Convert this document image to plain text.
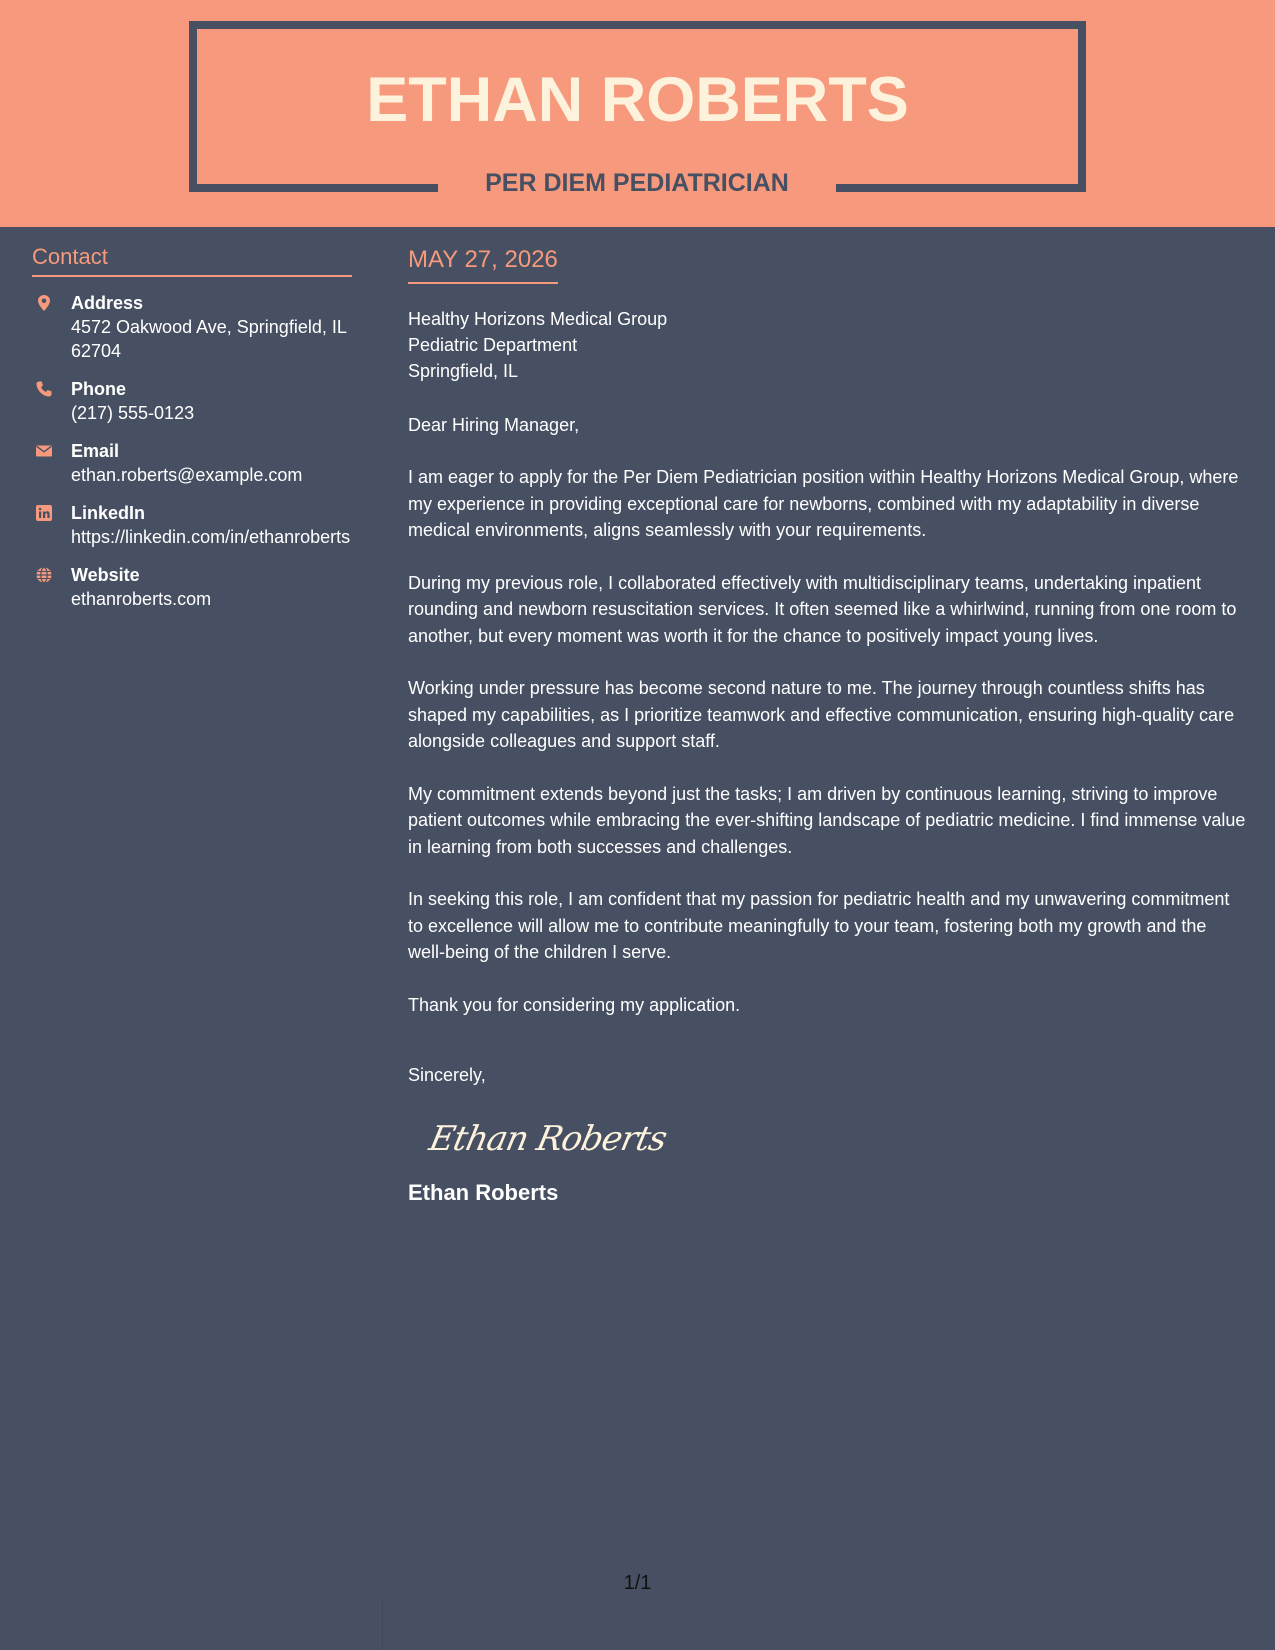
ETHAN ROBERTS
PER DIEM PEDIATRICIAN
Contact
Address
4572 Oakwood Ave, Springfield, IL 62704
Phone
(217) 555-0123
Email
ethan.roberts@example.com
LinkedIn
https://linkedin.com/in/ethanroberts
Website
ethanroberts.com
MAY 27, 2026
Healthy Horizons Medical Group
Pediatric Department
Springfield, IL
Dear Hiring Manager,
I am eager to apply for the Per Diem Pediatrician position within Healthy Horizons Medical Group, where my experience in providing exceptional care for newborns, combined with my adaptability in diverse medical environments, aligns seamlessly with your requirements.
During my previous role, I collaborated effectively with multidisciplinary teams, undertaking inpatient rounding and newborn resuscitation services. It often seemed like a whirlwind, running from one room to another, but every moment was worth it for the chance to positively impact young lives.
Working under pressure has become second nature to me. The journey through countless shifts has shaped my capabilities, as I prioritize teamwork and effective communication, ensuring high-quality care alongside colleagues and support staff.
My commitment extends beyond just the tasks; I am driven by continuous learning, striving to improve patient outcomes while embracing the ever-shifting landscape of pediatric medicine. I find immense value in learning from both successes and challenges.
In seeking this role, I am confident that my passion for pediatric health and my unwavering commitment to excellence will allow me to contribute meaningfully to your team, fostering both my growth and the well-being of the children I serve.
Thank you for considering my application.
Sincerely,
Ethan Roberts
Ethan Roberts
1/1
